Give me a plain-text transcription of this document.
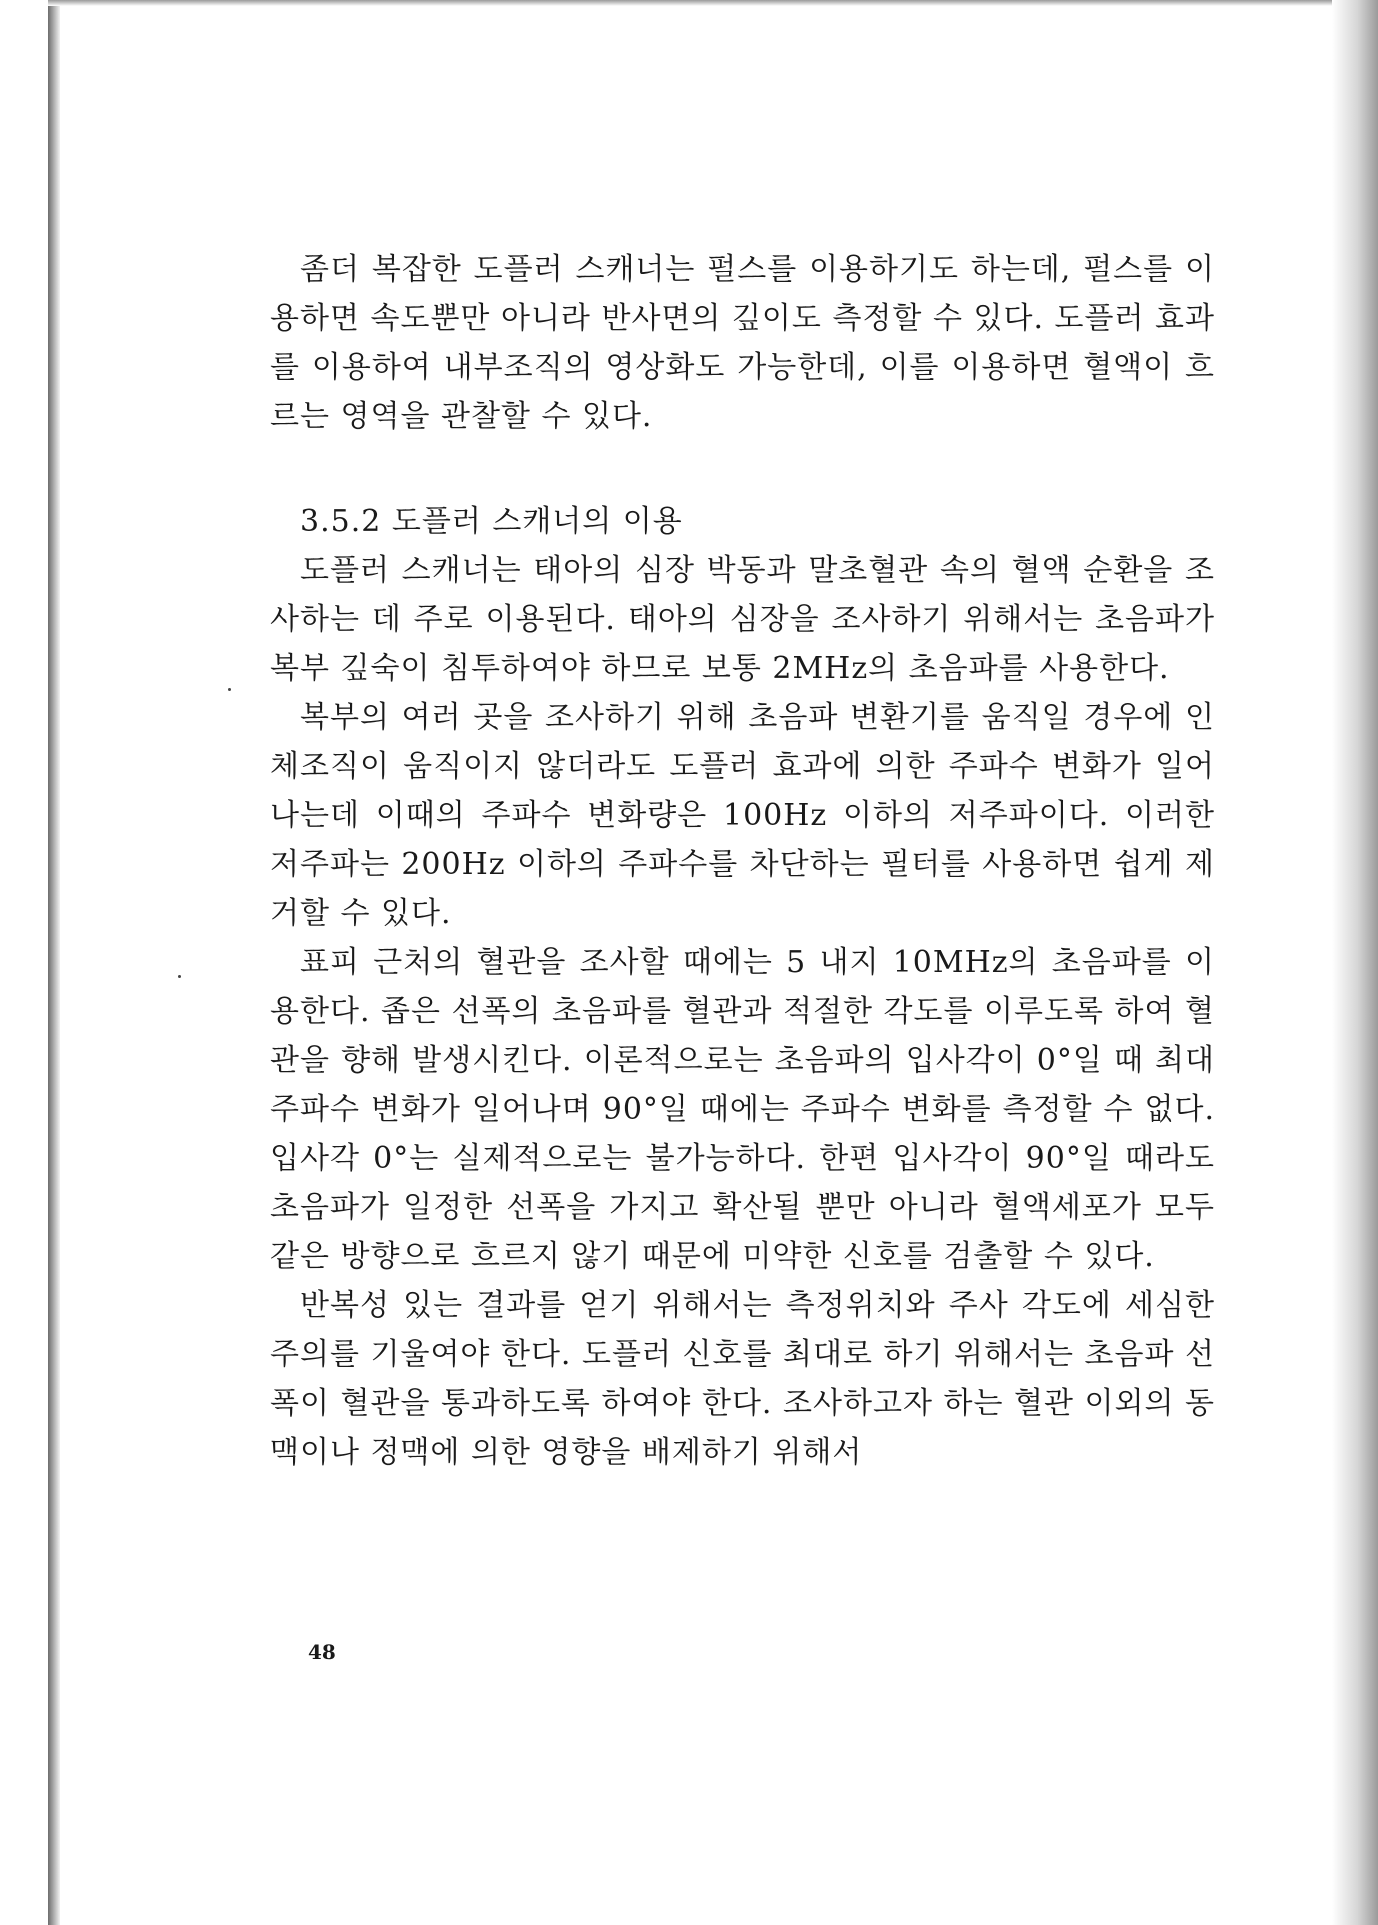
좀더 복잡한 도플러 스캐너는 펄스를 이용하기도 하는데, 펄스를 이용하면 속도뿐만 아니라 반사면의 깊이도 측정할 수 있다. 도플러 효과를 이용하여 내부조직의 영상화도 가능한데, 이를 이용하면 혈액이 흐르는 영역을 관찰할 수 있다.

3.5.2 도플러 스캐너의 이용

도플러 스캐너는 태아의 심장 박동과 말초혈관 속의 혈액 순환을 조사하는 데 주로 이용된다. 태아의 심장을 조사하기 위해서는 초음파가 복부 깊숙이 침투하여야 하므로 보통 2MHz의 초음파를 사용한다.

복부의 여러 곳을 조사하기 위해 초음파 변환기를 움직일 경우에 인체조직이 움직이지 않더라도 도플러 효과에 의한 주파수 변화가 일어나는데 이때의 주파수 변화량은 100Hz 이하의 저주파이다. 이러한 저주파는 200Hz 이하의 주파수를 차단하는 필터를 사용하면 쉽게 제거할 수 있다.

표피 근처의 혈관을 조사할 때에는 5 내지 10MHz의 초음파를 이용한다. 좁은 선폭의 초음파를 혈관과 적절한 각도를 이루도록 하여 혈관을 향해 발생시킨다. 이론적으로는 초음파의 입사각이 0°일 때 최대 주파수 변화가 일어나며 90°일 때에는 주파수 변화를 측정할 수 없다. 입사각 0°는 실제적으로는 불가능하다. 한편 입사각이 90°일 때라도 초음파가 일정한 선폭을 가지고 확산될 뿐만 아니라 혈액세포가 모두 같은 방향으로 흐르지 않기 때문에 미약한 신호를 검출할 수 있다.

반복성 있는 결과를 얻기 위해서는 측정위치와 주사 각도에 세심한 주의를 기울여야 한다. 도플러 신호를 최대로 하기 위해서는 초음파 선폭이 혈관을 통과하도록 하여야 한다. 조사하고자 하는 혈관 이외의 동맥이나 정맥에 의한 영향을 배제하기 위해서

48
